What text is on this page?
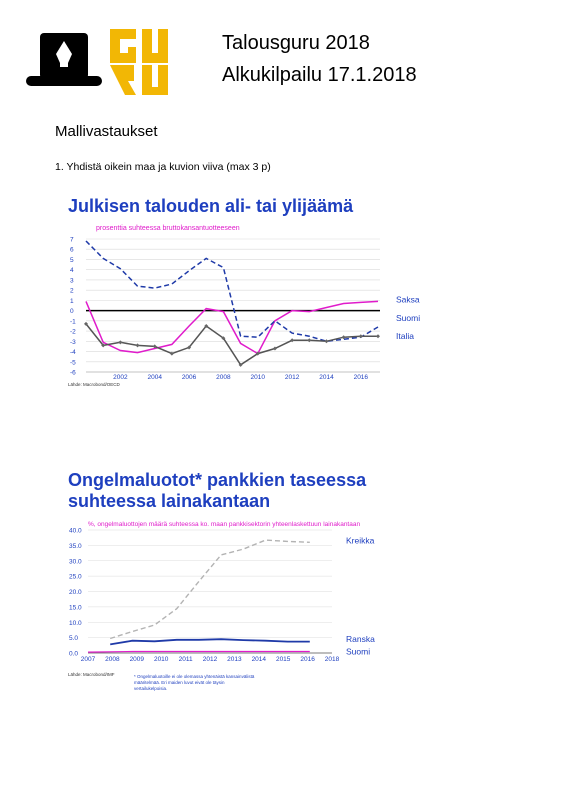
Talousguru 2018
Alkukilpailu 17.1.2018
Mallivastaukset
1. Yhdistä oikein maa ja kuvion viiva (max 3 p)
Julkisen talouden ali- tai ylijäämä
prosenttia suhteessa bruttokansantuotteeseen
7
6
5
4
3
2
1
0
-1
-2
-3
-4
-5
-6
2002	2004	2006	2008	2010	2012	2014	2016
Saksa
Suomi
Italia
Lähde: Macrobond/OECD
Ongelmaluotot* pankkien taseessa
suhteessa lainakantaan
%, ongelmaluottojen määrä suhteessa ko. maan pankkisektorin yhteenlaskettuun lainakantaan
40.0
35.0
30.0
25.0
20.0
15.0
10.0
5.0
0.0
2007 2008 2009 2010 2011 2012 2013 2014 2015 2016 2018
Kreikka
Ranska
Suomi
Lähde: Macrobond/IMF	* Ongelmaluotoille ei ole olemassa yhtenäistä kansainvälistä määritelmää. Eri maiden luvut eivät ole täysin vertailukelpoisia.
